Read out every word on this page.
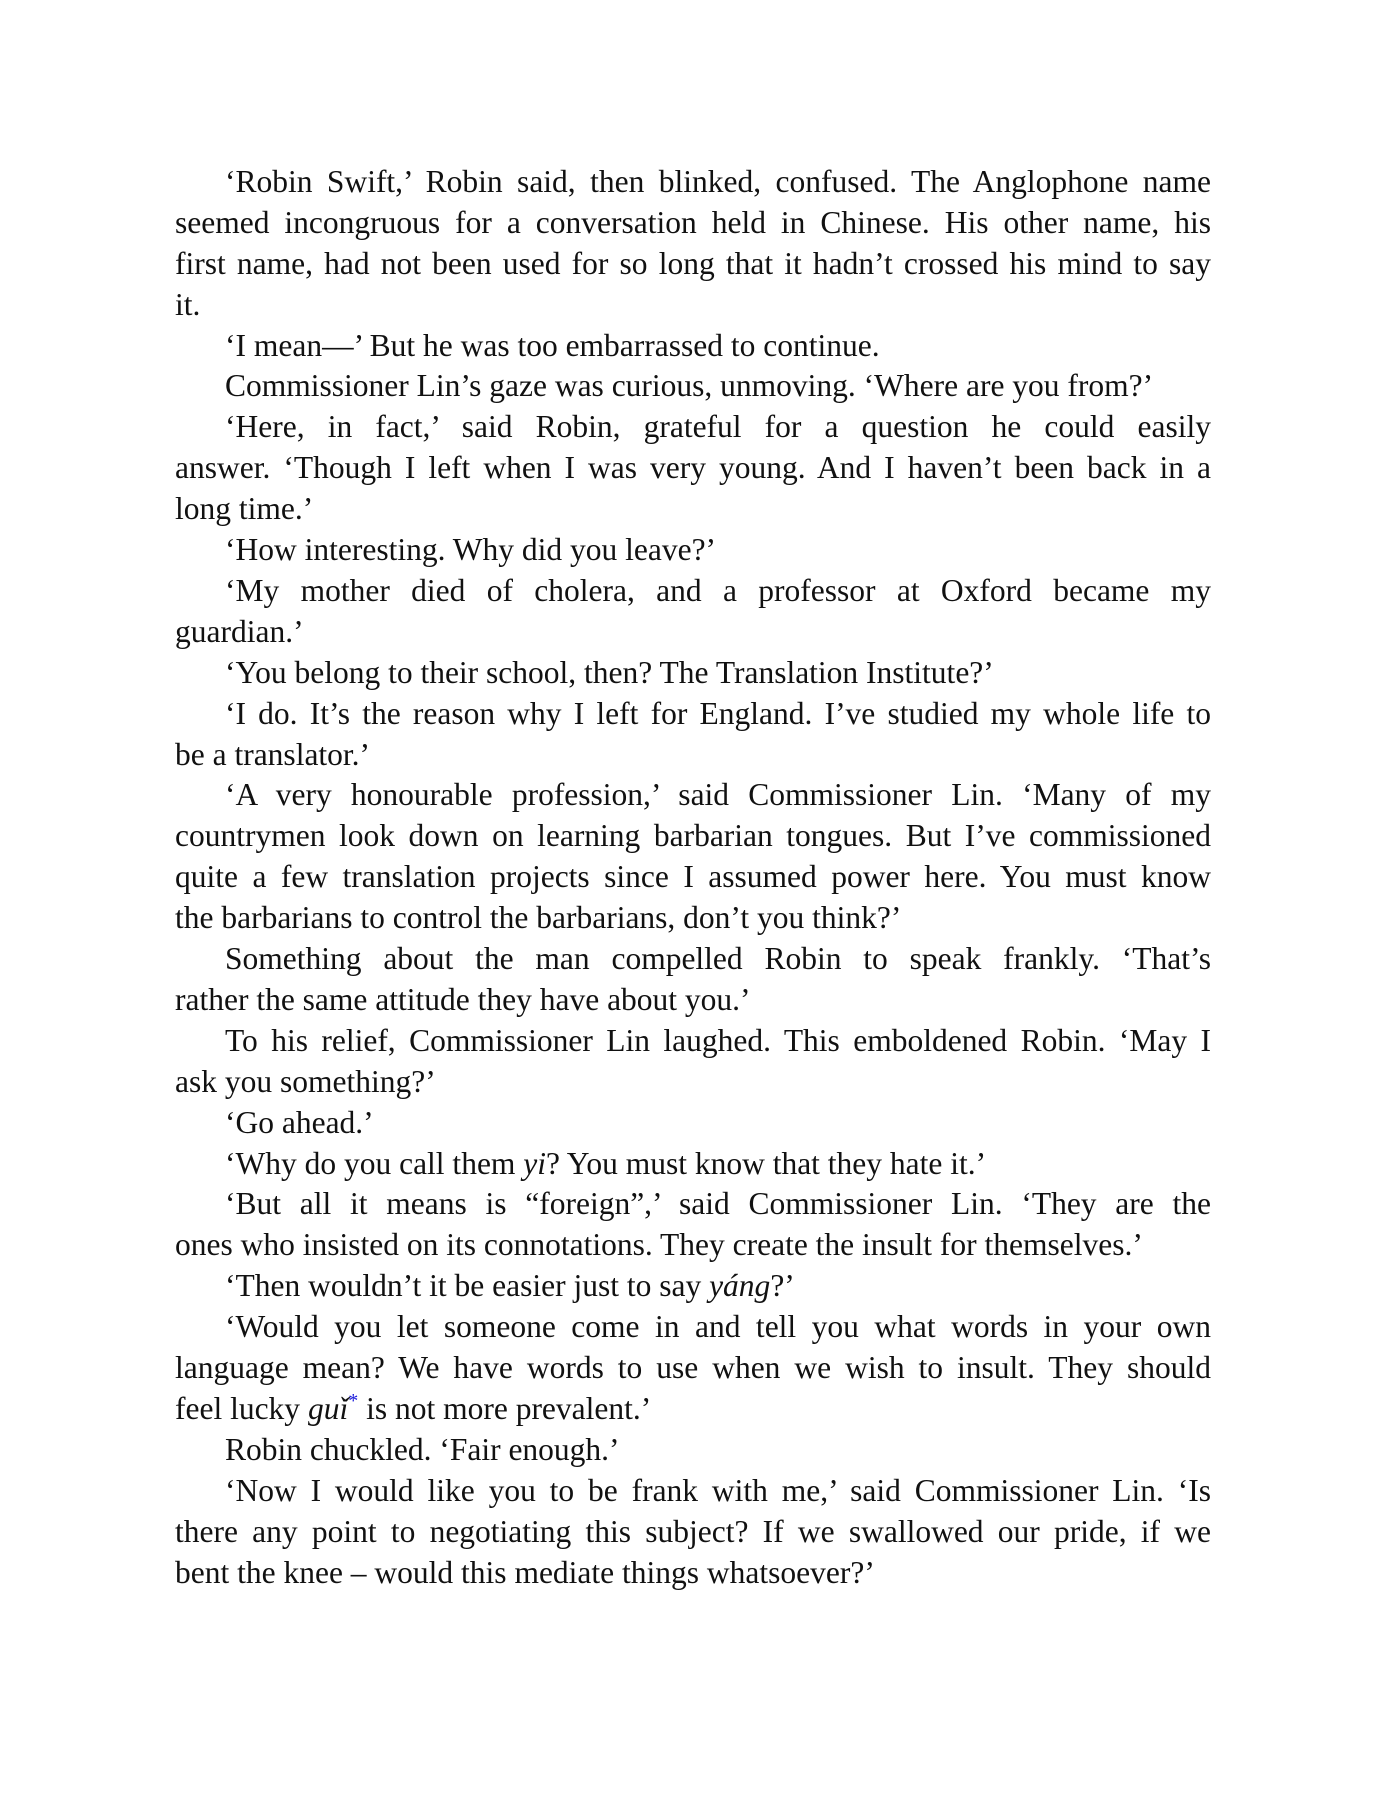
‘Robin Swift,’ Robin said, then blinked, confused. The Anglophone name
seemed incongruous for a conversation held in Chinese. His other name, his
first name, had not been used for so long that it hadn’t crossed his mind to say
it.
‘I mean—’ But he was too embarrassed to continue.
Commissioner Lin’s gaze was curious, unmoving. ‘Where are you from?’
‘Here, in fact,’ said Robin, grateful for a question he could easily
answer. ‘Though I left when I was very young. And I haven’t been back in a
long time.’
‘How interesting. Why did you leave?’
‘My mother died of cholera, and a professor at Oxford became my
guardian.’
‘You belong to their school, then? The Translation Institute?’
‘I do. It’s the reason why I left for England. I’ve studied my whole life to
be a translator.’
‘A very honourable profession,’ said Commissioner Lin. ‘Many of my
countrymen look down on learning barbarian tongues. But I’ve commissioned
quite a few translation projects since I assumed power here. You must know
the barbarians to control the barbarians, don’t you think?’
Something about the man compelled Robin to speak frankly. ‘That’s
rather the same attitude they have about you.’
To his relief, Commissioner Lin laughed. This emboldened Robin. ‘May I
ask you something?’
‘Go ahead.’
‘Why do you call them yi? You must know that they hate it.’
‘But all it means is “foreign”,’ said Commissioner Lin. ‘They are the
ones who insisted on its connotations. They create the insult for themselves.’
‘Then wouldn’t it be easier just to say yáng?’
‘Would you let someone come in and tell you what words in your own
language mean? We have words to use when we wish to insult. They should
feel lucky guǐ* is not more prevalent.’
Robin chuckled. ‘Fair enough.’
‘Now I would like you to be frank with me,’ said Commissioner Lin. ‘Is
there any point to negotiating this subject? If we swallowed our pride, if we
bent the knee – would this mediate things whatsoever?’
